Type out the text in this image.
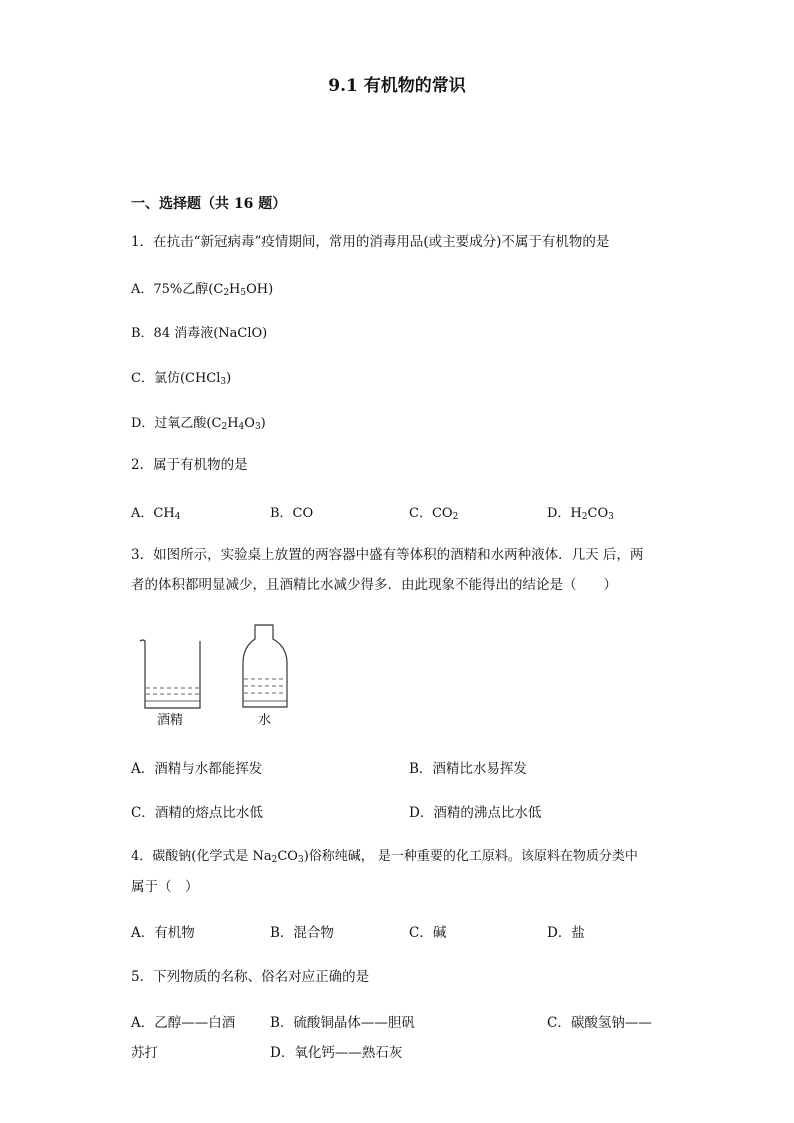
9.1 有机物的常识
一、选择题（共 16 题）
1．在抗击“新冠病毒”疫情期间，常用的消毒用品(或主要成分)不属于有机物的是
A．75%乙醇$(C_2H_5OH)$
B．84 消毒液(NaClO)
C．氯仿(CHCl$_3$)
D．过氧乙酸$(C_2H_4O_3)$
2．属于有机物的是
A．$CH_4$	B．CO	C．$CO_2$	D．$H_2CO_3$
3．如图所示，实验桌上放置的两容器中盛有等体积的酒精和水两种液体．几天 后，两
者的体积都明显减少，且酒精比水减少得多．由此现象不能得出的结论是（　　）
酒精	水
A．酒精与水都能挥发	B．酒精比水易挥发
C．酒精的熔点比水低	D．酒精的沸点比水低
4．碳酸钠(化学式是 $Na_2CO_3$)俗称纯碱， 是一种重要的化工原料。该原料在物质分类中
属于（　）
A．有机物	B．混合物	C．碱	D．盐
5．下列物质的名称、俗名对应正确的是
A．乙醇——白酒	B．硫酸铜晶体——胆矾	C．碳酸氢钠——
苏打	D．氧化钙——熟石灰
